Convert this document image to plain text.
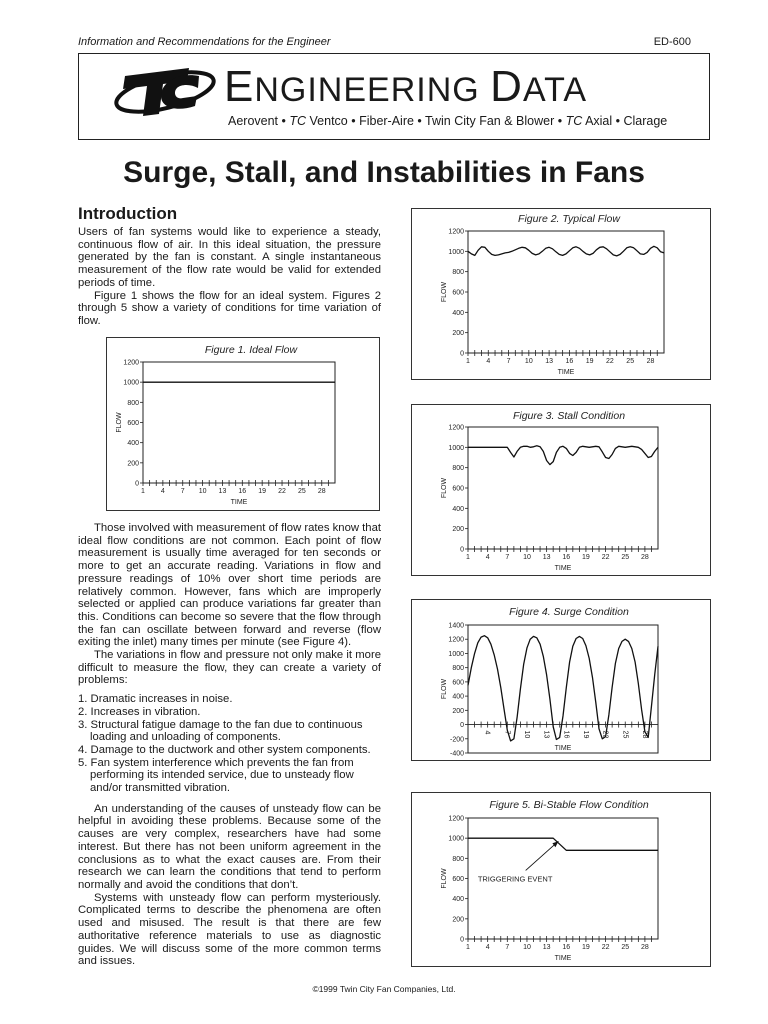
Information and Recommendations for the Engineer	ED-600
ENGINEERING DATA
Aerovent • TC Ventco • Fiber-Aire • Twin City Fan & Blower • TC Axial • Clarage
Surge, Stall, and Instabilities in Fans
Introduction

Users of fan systems would like to experience a steady, continuous flow of air. In this ideal situation, the pressure generated by the fan is constant. A single instantaneous measurement of the flow rate would be valid for extended periods of time.

Figure 1 shows the flow for an ideal system. Figures 2 through 5 show a variety of conditions for time variation of flow.

Figure 1. Ideal Flow
0
200
400
600
800
1000
1200
1 4 7 10 13 16 19 22 25 28
TIME
FLOW

Those involved with measurement of flow rates know that ideal flow conditions are not common. Each point of flow measurement is usually time averaged for ten seconds or more to get an accurate reading. Variations in flow and pressure readings of 10% over short time periods are relatively common. However, fans which are improperly selected or applied can produce variations far greater than this. Conditions can become so severe that the flow through the fan can oscillate between forward and reverse (flow exiting the inlet) many times per minute (see Figure 4).

The variations in flow and pressure not only make it more difficult to measure the flow, they can create a variety of problems:

1. Dramatic increases in noise.
2. Increases in vibration.
3. Structural fatigue damage to the fan due to continuous loading and unloading of components.
4. Damage to the ductwork and other system components.
5. Fan system interference which prevents the fan from performing its intended service, due to unsteady flow and/or transmitted vibration.

An understanding of the causes of unsteady flow can be helpful in avoiding these problems. Because some of the causes are very complex, researchers have had some interest. But there has not been uniform agreement in the conclusions as to what the exact causes are. From their research we can learn the conditions that tend to perform normally and avoid the conditions that don’t.

Systems with unsteady flow can perform mysteriously. Complicated terms to describe the phenomena are often used and misused. The result is that there are few authoritative reference materials to use as diagnostic guides. We will discuss some of the more common terms and issues.

Figure 2. Typical Flow
0
200
400
600
800
1000
1200
1 4 7 10 13 16 19 22 25 28
TIME
FLOW
Figure 3. Stall Condition
0
200
400
600
800
1000
1200
1 4 7 10 13 16 19 22 25 28
TIME
FLOW
Figure 4. Surge Condition
-400
-200
0
200
400
600
800
1000
1200
1400
4 7 10 13 16 19 22 25 28
TIME
FLOW
Figure 5. Bi-Stable Flow Condition
0
200
400
600
800
1000
1200
1 4 7 10 13 16 19 22 25 28
TIME
FLOW	TRIGGERING EVENT
©1999 Twin City Fan Companies, Ltd.
